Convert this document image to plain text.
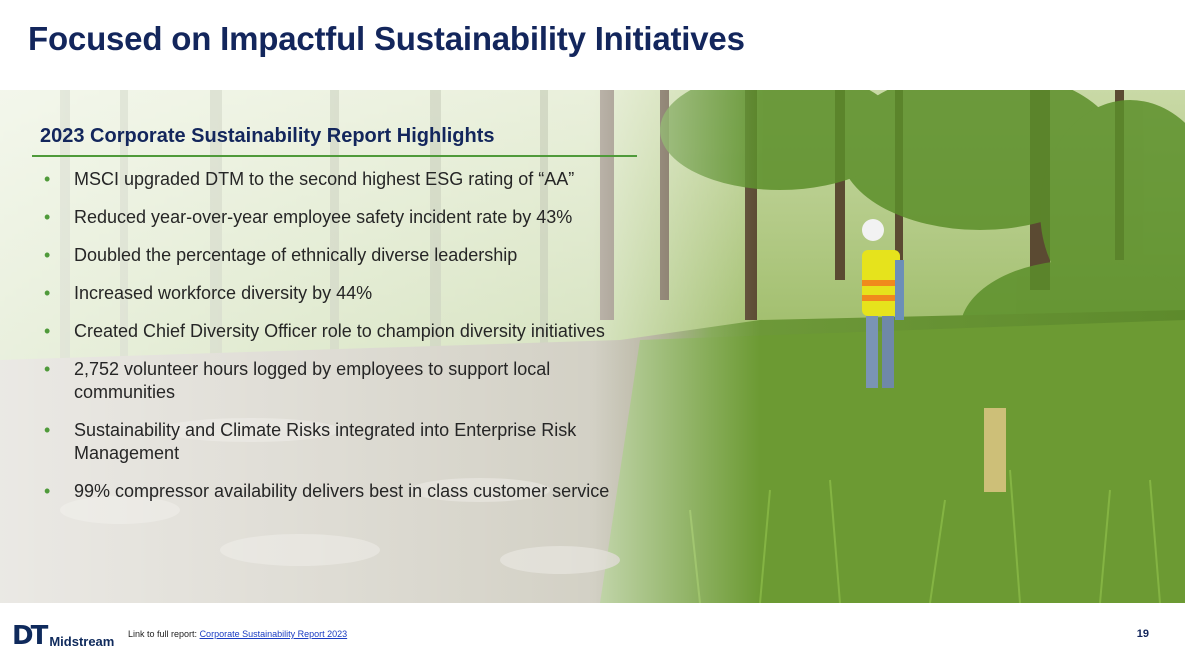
Focused on Impactful Sustainability Initiatives
2023 Corporate Sustainability Report Highlights
• MSCI upgraded DTM to the second highest ESG rating of “AA”
• Reduced year-over-year employee safety incident rate by 43%
• Doubled the percentage of ethnically diverse leadership
• Increased workforce diversity by 44%
• Created Chief Diversity Officer role to champion diversity initiatives
• 2,752 volunteer hours logged by employees to support local communities
• Sustainability and Climate Risks integrated into Enterprise Risk Management
• 99% compressor availability delivers best in class customer service
DT Midstream Link to full report: Corporate Sustainability Report 2023	19
